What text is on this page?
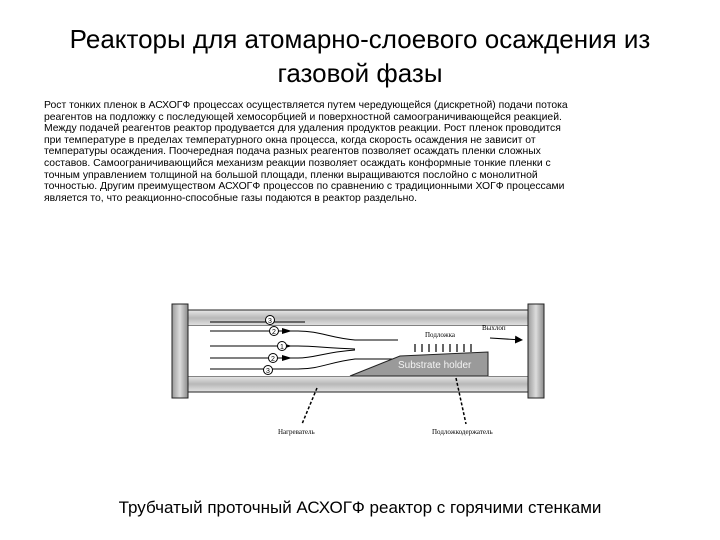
Реакторы для атомарно-слоевого осаждения из
газовой фазы
Рост тонких пленок в АСХОГФ процессах осуществляется путем чередующейся (дискретной) подачи потока
реагентов на подложку с последующей хемосорбцией и поверхностной самоограничивающейся реакцией.
Между подачей реагентов реактор продувается для удаления продуктов реакции. Рост пленок проводится
при температуре в пределах температурного окна процесса, когда скорость осаждения не зависит от
температуры осаждения. Поочередная подача разных реагентов позволяет осаждать пленки сложных
составов. Самоограничивающийся механизм реакции позволяет осаждать конформные тонкие пленки с
точным управлением толщиной на большой площади, пленки выращиваются послойно с монолитной
точностью. Другим преимуществом АСХОГФ процессов по сравнению с традиционными ХОГФ процессами
является то, что реакционно-способные газы подаются в реактор раздельно.
3
2
1
2
3
Подложка
Substrate holder
Выхлоп
Нагреватель	Подложкодержатель
Трубчатый проточный АСХОГФ реактор с горячими стенками
